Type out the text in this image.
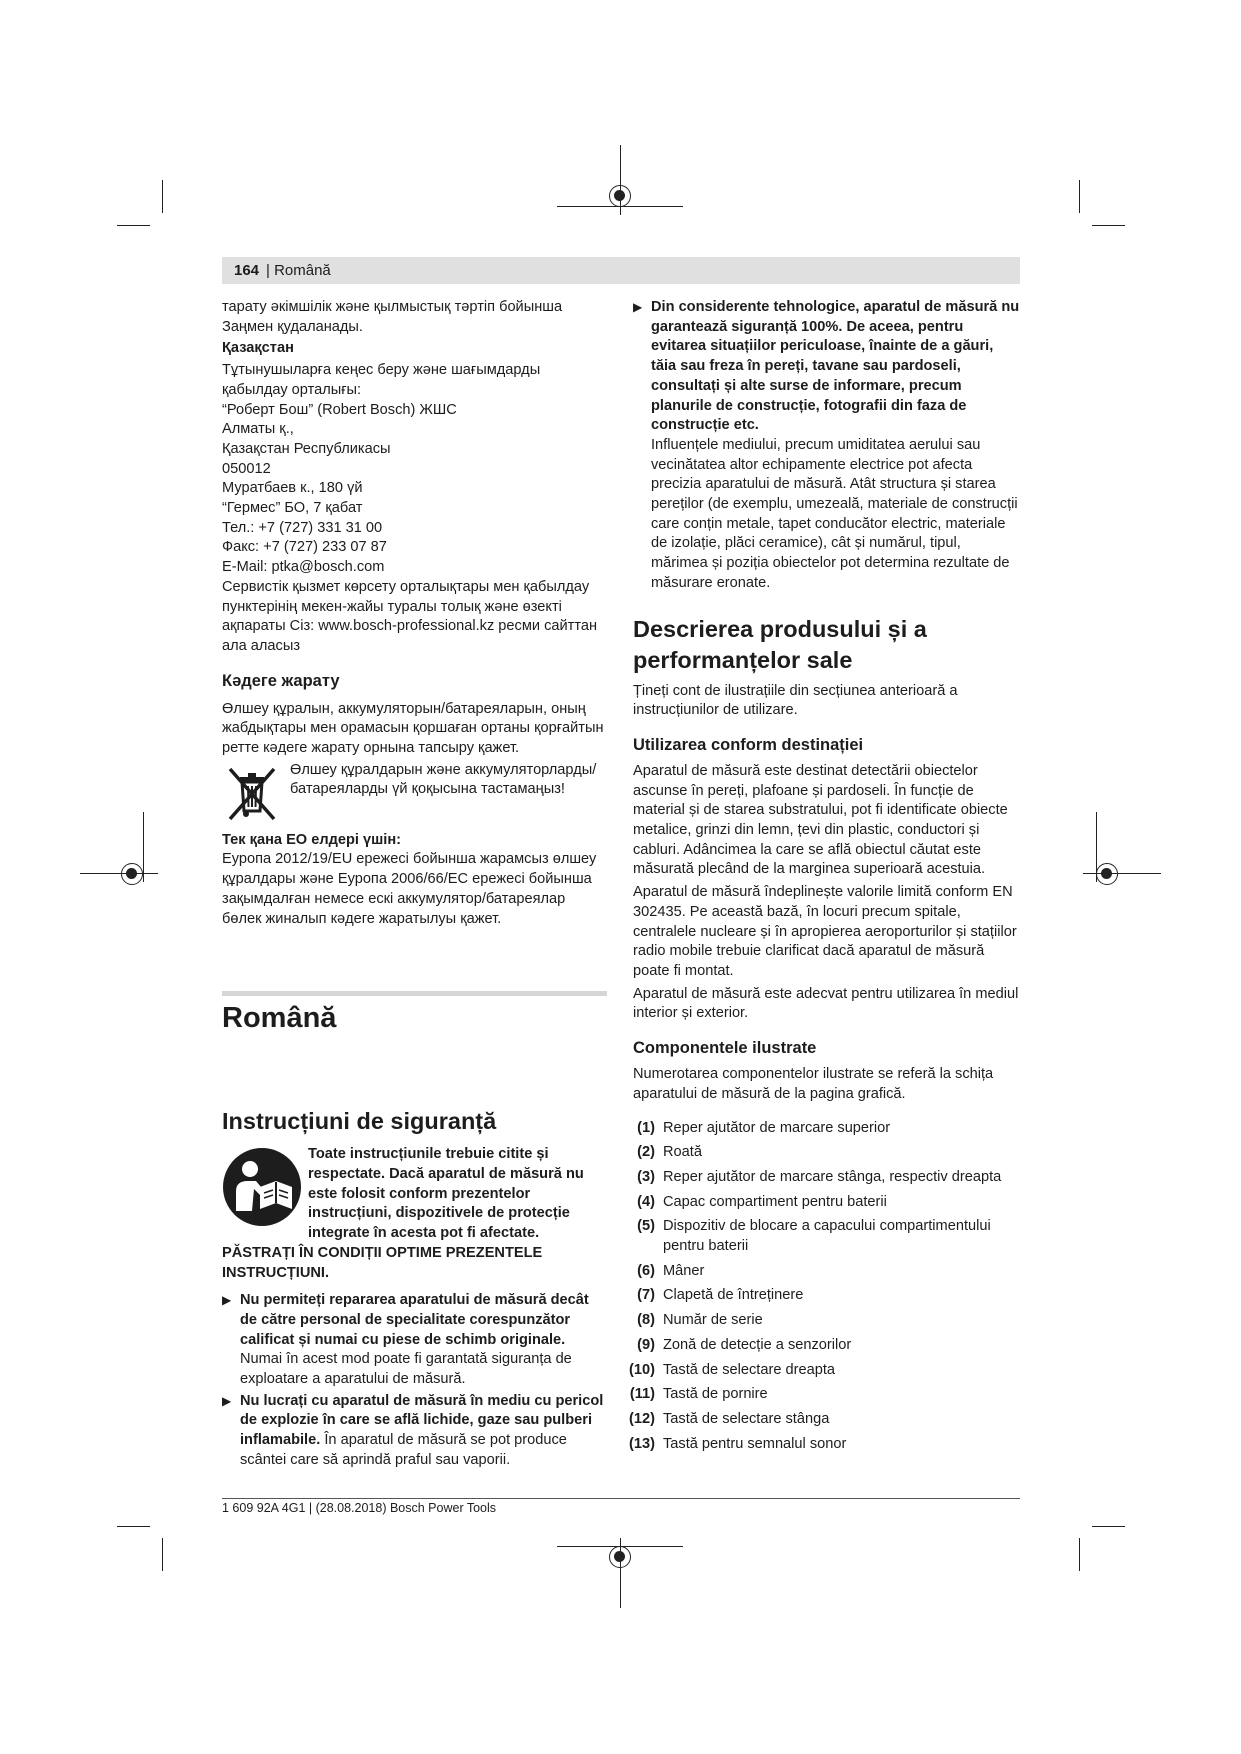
164 | Română

тарату әкімшілік және қылмыстық тәртіп бойынша Заңмен қудаланады.

Қазақстан

Тұтынушыларға кеңес беру және шағымдарды қабылдау орталығы:

“Роберт Бош” (Robert Bosch) ЖШС

Алматы қ.,

Қазақстан Республикасы

050012

Муратбаев к., 180 үй

“Гермес” БО, 7 қабат

Тел.: +7 (727) 331 31 00

Факс: +7 (727) 233 07 87

E-Mail: ptka@bosch.com

Сервистік қызмет көрсету орталықтары мен қабылдау пунктерінің мекен-жайы туралы толық және өзекті ақпараты Сіз: www.bosch-professional.kz ресми сайттан ала аласыз

Кәдеге жарату

Өлшеу құралын, аккумуляторын/батареяларын, оның жабдықтары мен орамасын қоршаған ортаны қорғайтын ретте кәдеге жарату орнына тапсыру қажет.

Өлшеу құралдарын және аккумуляторларды/батареяларды үй қоқысына тастамаңыз!

Тек қана ЕО елдері үшін:

Еуропа 2012/19/EU ережесі бойынша жарамсыз өлшеу құралдары және Еуропа 2006/66/EC ережесі бойынша зақымдалған немесе ескі аккумулятор/батареялар бөлек жиналып кәдеге жаратылуы қажет.

Română

Instrucțiuni de siguranță

Toate instrucțiunile trebuie citite și respectate. Dacă aparatul de măsură nu este folosit conform prezentelor instrucțiuni, dispozitivele de protecție integrate în acesta pot fi afectate. PĂSTRAȚI ÎN CONDIȚII OPTIME PREZENTELE INSTRUCȚIUNI.

▶ Nu permiteți repararea aparatului de măsură decât de către personal de specialitate corespunzător calificat și numai cu piese de schimb originale. Numai în acest mod poate fi garantată siguranța de exploatare a aparatului de măsură.

▶ Nu lucrați cu aparatul de măsură în mediu cu pericol de explozie în care se află lichide, gaze sau pulberi inflamabile. În aparatul de măsură se pot produce scântei care să aprindă praful sau vaporii.

▶ Din considerente tehnologice, aparatul de măsură nu garantează siguranță 100%. De aceea, pentru evitarea situațiilor periculoase, înainte de a găuri, tăia sau freza în pereți, tavane sau pardoseli, consultați și alte surse de informare, precum planurile de construcție, fotografii din faza de construcție etc.

Influențele mediului, precum umiditatea aerului sau vecinătatea altor echipamente electrice pot afecta precizia aparatului de măsură. Atât structura și starea pereților (de exemplu, umezeală, materiale de construcții care conțin metale, tapet conducător electric, materiale de izolație, plăci ceramice), cât și numărul, tipul, mărimea și poziția obiectelor pot determina rezultate de măsurare eronate.

Descrierea produsului și a performanțelor sale

Țineți cont de ilustrațiile din secțiunea anterioară a instrucțiunilor de utilizare.

Utilizarea conform destinației

Aparatul de măsură este destinat detectării obiectelor ascunse în pereți, plafoane și pardoseli. În funcție de material și de starea substratului, pot fi identificate obiecte metalice, grinzi din lemn, țevi din plastic, conductori și cabluri. Adâncimea la care se află obiectul căutat este măsurată plecând de la marginea superioară acestuia.

Aparatul de măsură îndeplinește valorile limită conform EN 302435. Pe această bază, în locuri precum spitale, centralele nucleare și în apropierea aeroporturilor și stațiilor radio mobile trebuie clarificat dacă aparatul de măsură poate fi montat.

Aparatul de măsură este adecvat pentru utilizarea în mediul interior și exterior.

Componentele ilustrate

Numerotarea componentelor ilustrate se referă la schița aparatului de măsură de la pagina grafică.

(1) Reper ajutător de marcare superior
(2) Roată
(3) Reper ajutător de marcare stânga, respectiv dreapta
(4) Capac compartiment pentru baterii
(5) Dispozitiv de blocare a capacului compartimentului pentru baterii
(6) Mâner
(7) Clapetă de întreținere
(8) Număr de serie
(9) Zonă de detecție a senzorilor
(10) Tastă de selectare dreapta
(11) Tastă de pornire
(12) Tastă de selectare stânga
(13) Tastă pentru semnalul sonor
1 609 92A 4G1 | (28.08.2018) Bosch Power Tools
